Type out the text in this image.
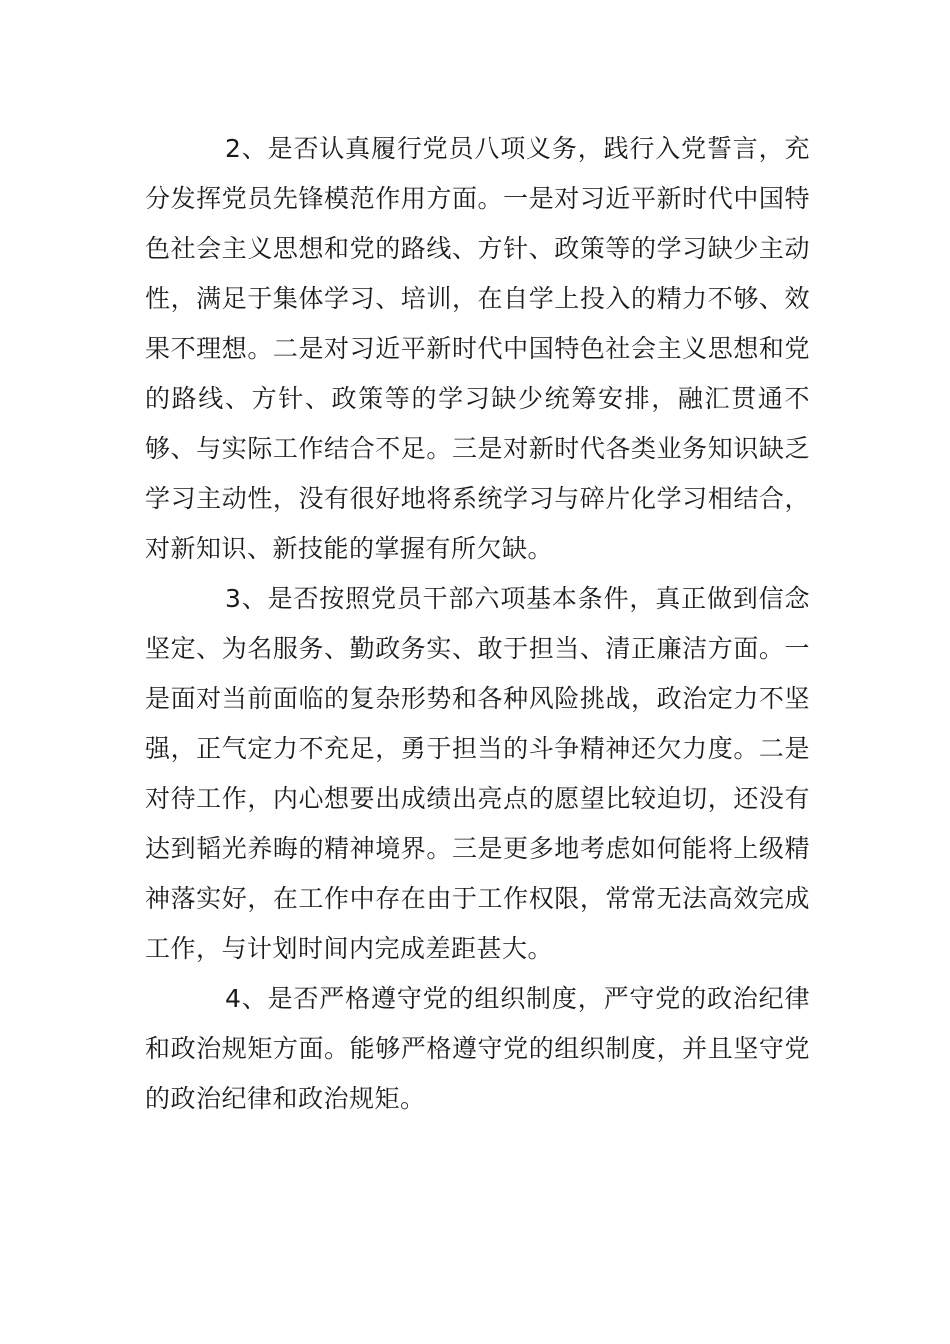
2、是否认真履行党员八项义务，践行入党誓言，充分发挥党员先锋模范作用方面。一是对习近平新时代中国特色社会主义思想和党的路线、方针、政策等的学习缺少主动性，满足于集体学习、培训，在自学上投入的精力不够、效果不理想。二是对习近平新时代中国特色社会主义思想和党的路线、方针、政策等的学习缺少统筹安排，融汇贯通不够、与实际工作结合不足。三是对新时代各类业务知识缺乏学习主动性，没有很好地将系统学习与碎片化学习相结合，对新知识、新技能的掌握有所欠缺。

3、是否按照党员干部六项基本条件，真正做到信念坚定、为名服务、勤政务实、敢于担当、清正廉洁方面。一是面对当前面临的复杂形势和各种风险挑战，政治定力不坚强，正气定力不充足，勇于担当的斗争精神还欠力度。二是对待工作，内心想要出成绩出亮点的愿望比较迫切，还没有达到韬光养晦的精神境界。三是更多地考虑如何能将上级精神落实好，在工作中存在由于工作权限，常常无法高效完成工作，与计划时间内完成差距甚大。

4、是否严格遵守党的组织制度，严守党的政治纪律和政治规矩方面。能够严格遵守党的组织制度，并且坚守党的政治纪律和政治规矩。
